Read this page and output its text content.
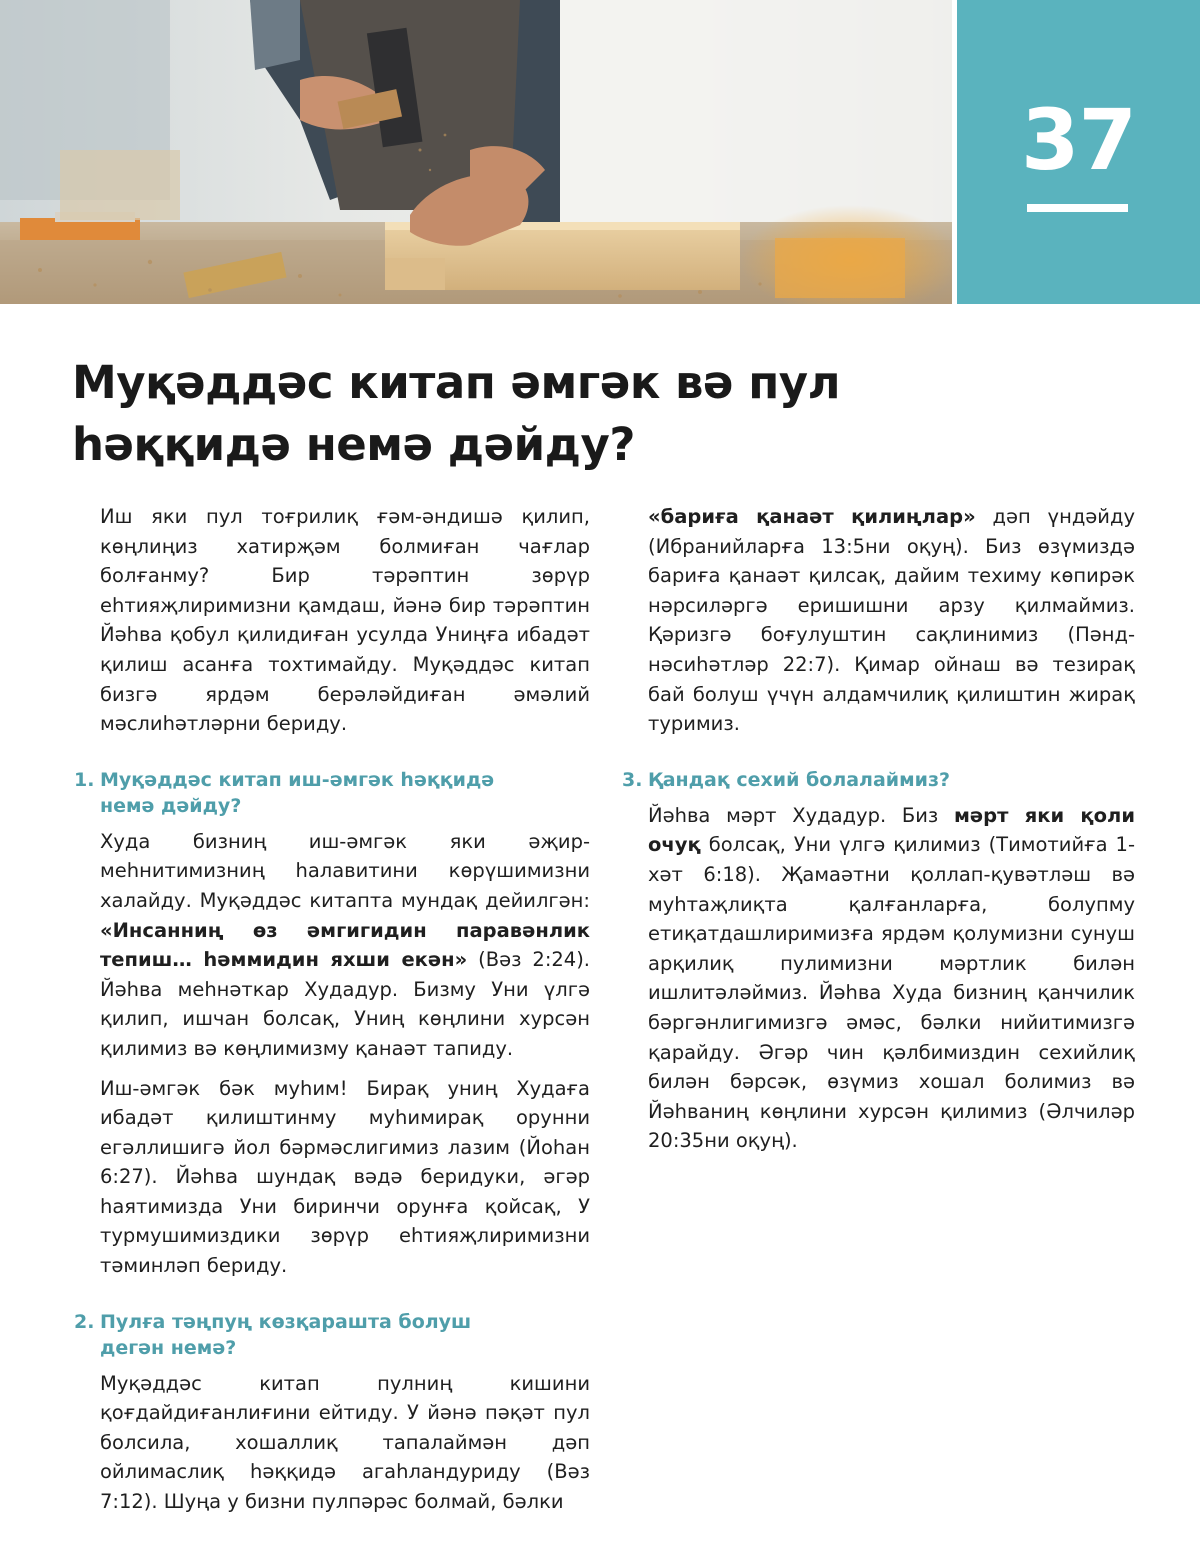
37
Муқәддәс китап әмгәк вә пул
һәққидә немә дәйду?

Иш яки пул тоғрилиқ ғәм-әндишә қилип, көңлиңиз хатирҗәм болмиған чағлар болғанму? Бир тәрәптин зөрүр еһтияҗлиримизни қамдаш, йәнә бир тәрәптин Йәһва қобул қилидиған усулда Униңға ибадәт қилиш асанға тохтимайду. Муқәддәс китап бизгә ярдәм берәләйдиған әмәлий мәслиһәтләрни бериду.

1. Муқәддәс китап иш-әмгәк һәққидә
немә дәйду?

Худа бизниң иш-әмгәк яки әҗир-меһнитимизниң һалавитини көрүшимизни халайду. Муқәддәс китапта мундақ дейилгән: «Инсанниң өз әмгигидин паравәнлик тепиш… һәммидин яхши екән» (Вәз 2:24). Йәһва меһнәткар Худадур. Бизму Уни үлгә қилип, ишчан болсақ, Униң көңлини хурсән қилимиз вә көңлимизму қанаәт тапиду.

Иш-әмгәк бәк муһим! Бирақ униң Худаға ибадәт қилиштинму муһимирақ орунни егәллишигә йол бәрмәслигимиз лазим (Йоһан 6:27). Йәһва шундақ вәдә беридуки, әгәр һаятимизда Уни биринчи орунға қойсақ, У турмушимиздики зөрүр еһтияҗлиримизни тәминләп бериду.

2. Пулға тәңпуң көзқарашта болуш
дегән немә?

Муқәддәс китап пулниң кишини қоғдайдиғанлиғини ейтиду. У йәнә пәқәт пул болсила, хошаллиқ тапалаймән дәп ойлимаслиқ һәққидә агаһландуриду (Вәз 7:12). Шуңа у бизни пулпәрәс болмай, бәлки

«бариға қанаәт қилиңлар» дәп үндәйду (Ибранийларға 13:5ни оқуң). Биз өзүмиздә бариға қанаәт қилсақ, дайим техиму көпирәк нәрсиләргә еришишни арзу қилмаймиз. Қәризгә боғулуштин сақлинимиз (Пәнд-нәсиһәтләр 22:7). Қимар ойнаш вә тезирақ бай болуш үчүн алдамчилиқ қилиштин жирақ туримиз.

3. Қандақ сехий болалаймиз?

Йәһва мәрт Худадур. Биз мәрт яки қоли очуқ болсақ, Уни үлгә қилимиз (Тимотийға 1-хәт 6:18). Җамаәтни қоллап-қувәтләш вә муһтаҗлиқта қалғанларға, болупму етиқатдашлиримизға ярдәм қолумизни сунуш арқилиқ пулимизни мәртлик билән ишлитәләймиз. Йәһва Худа бизниң қанчилик бәргәнлигимизгә әмәс, бәлки нийитимизгә қарайду. Әгәр чин қәлбимиздин сехийлиқ билән бәрсәк, өзүмиз хошал болимиз вә Йәһваниң көңлини хурсән қилимиз (Әлчиләр 20:35ни оқуң).
